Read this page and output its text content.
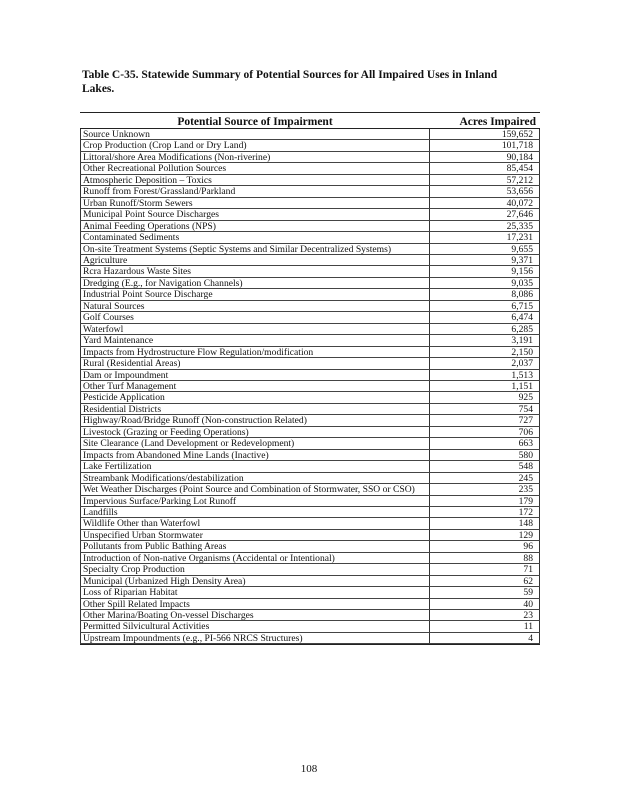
Table C-35. Statewide Summary of Potential Sources for All Impaired Uses in Inland Lakes.
Potential Source of Impairment	Acres Impaired
Source Unknown	159,652
Crop Production (Crop Land or Dry Land)	101,718
Littoral/shore Area Modifications (Non-riverine)	90,184
Other Recreational Pollution Sources	85,454
Atmospheric Deposition – Toxics	57,212
Runoff from Forest/Grassland/Parkland	53,656
Urban Runoff/Storm Sewers	40,072
Municipal Point Source Discharges	27,646
Animal Feeding Operations (NPS)	25,335
Contaminated Sediments	17,231
On-site Treatment Systems (Septic Systems and Similar Decentralized Systems)	9,655
Agriculture	9,371
Rcra Hazardous Waste Sites	9,156
Dredging (E.g., for Navigation Channels)	9,035
Industrial Point Source Discharge	8,086
Natural Sources	6,715
Golf Courses	6,474
Waterfowl	6,285
Yard Maintenance	3,191
Impacts from Hydrostructure Flow Regulation/modification	2,150
Rural (Residential Areas)	2,037
Dam or Impoundment	1,513
Other Turf Management	1,151
Pesticide Application	925
Residential Districts	754
Highway/Road/Bridge Runoff (Non-construction Related)	727
Livestock (Grazing or Feeding Operations)	706
Site Clearance (Land Development or Redevelopment)	663
Impacts from Abandoned Mine Lands (Inactive)	580
Lake Fertilization	548
Streambank Modifications/destabilization	245
Wet Weather Discharges (Point Source and Combination of Stormwater, SSO or CSO)	235
Impervious Surface/Parking Lot Runoff	179
Landfills	172
Wildlife Other than Waterfowl	148
Unspecified Urban Stormwater	129
Pollutants from Public Bathing Areas	96
Introduction of Non-native Organisms (Accidental or Intentional)	88
Specialty Crop Production	71
Municipal (Urbanized High Density Area)	62
Loss of Riparian Habitat	59
Other Spill Related Impacts	40
Other Marina/Boating On-vessel Discharges	23
Permitted Silvicultural Activities	11
Upstream Impoundments (e.g., PI-566 NRCS Structures)	4
108
